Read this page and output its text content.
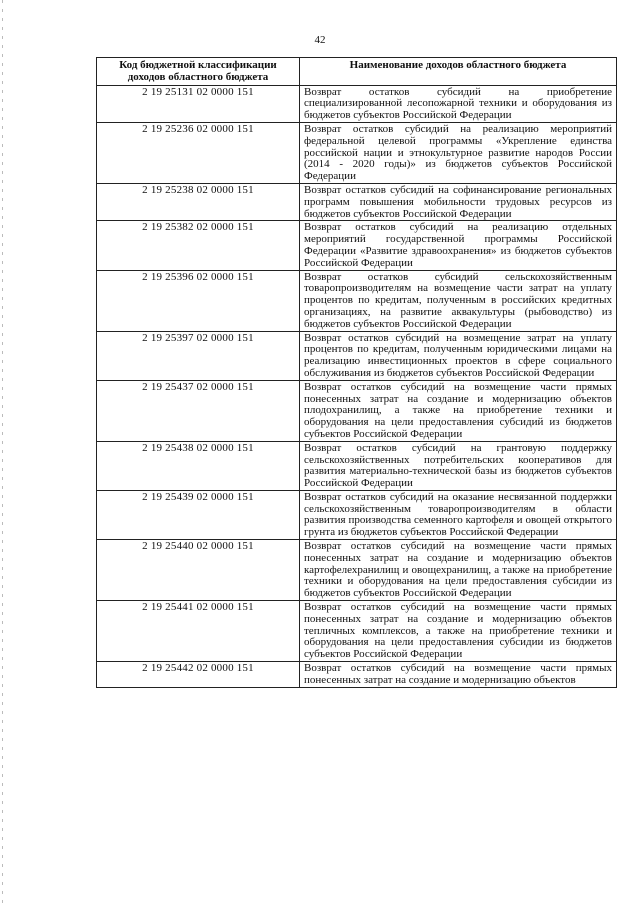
42
Код бюджетной классификации доходов областного бюджета	Наименование доходов областного бюджета
2 19 25131 02 0000 151	Возврат остатков субсидий на приобретение специализированной лесопожарной техники и оборудования из бюджетов субъектов Российской Федерации
2 19 25236 02 0000 151	Возврат остатков субсидий на реализацию мероприятий федеральной целевой программы «Укрепление единства российской нации и этнокультурное развитие народов России (2014 - 2020 годы)» из бюджетов субъектов Российской Федерации
2 19 25238 02 0000 151	Возврат остатков субсидий на софинансирование региональных программ повышения мобильности трудовых ресурсов из бюджетов субъектов Российской Федерации
2 19 25382 02 0000 151	Возврат остатков субсидий на реализацию отдельных мероприятий государственной программы Российской Федерации «Развитие здравоохранения» из бюджетов субъектов Российской Федерации
2 19 25396 02 0000 151	Возврат остатков субсидий сельскохозяйственным товаропроизводителям на возмещение части затрат на уплату процентов по кредитам, полученным в российских кредитных организациях, на развитие аквакультуры (рыбоводство) из бюджетов субъектов Российской Федерации
2 19 25397 02 0000 151	Возврат остатков субсидий на возмещение затрат на уплату процентов по кредитам, полученным юридическими лицами на реализацию инвестиционных проектов в сфере социального обслуживания из бюджетов субъектов Российской Федерации
2 19 25437 02 0000 151	Возврат остатков субсидий на возмещение части прямых понесенных затрат на создание и модернизацию объектов плодохранилищ, а также на приобретение техники и оборудования на цели предоставления субсидий из бюджетов субъектов Российской Федерации
2 19 25438 02 0000 151	Возврат остатков субсидий на грантовую поддержку сельскохозяйственных потребительских кооперативов для развития материально-технической базы из бюджетов субъектов Российской Федерации
2 19 25439 02 0000 151	Возврат остатков субсидий на оказание несвязанной поддержки сельскохозяйственным товаропроизводителям в области развития производства семенного картофеля и овощей открытого грунта из бюджетов субъектов Российской Федерации
2 19 25440 02 0000 151	Возврат остатков субсидий на возмещение части прямых понесенных затрат на создание и модернизацию объектов картофелехранилищ и овощехранилищ, а также на приобретение техники и оборудования на цели предоставления субсидии из бюджетов субъектов Российской Федерации
2 19 25441 02 0000 151	Возврат остатков субсидий на возмещение части прямых понесенных затрат на создание и модернизацию объектов тепличных комплексов, а также на приобретение техники и оборудования на цели предоставления субсидии из бюджетов субъектов Российской Федерации
2 19 25442 02 0000 151	Возврат остатков субсидий на возмещение части прямых понесенных затрат на создание и модернизацию объектов
